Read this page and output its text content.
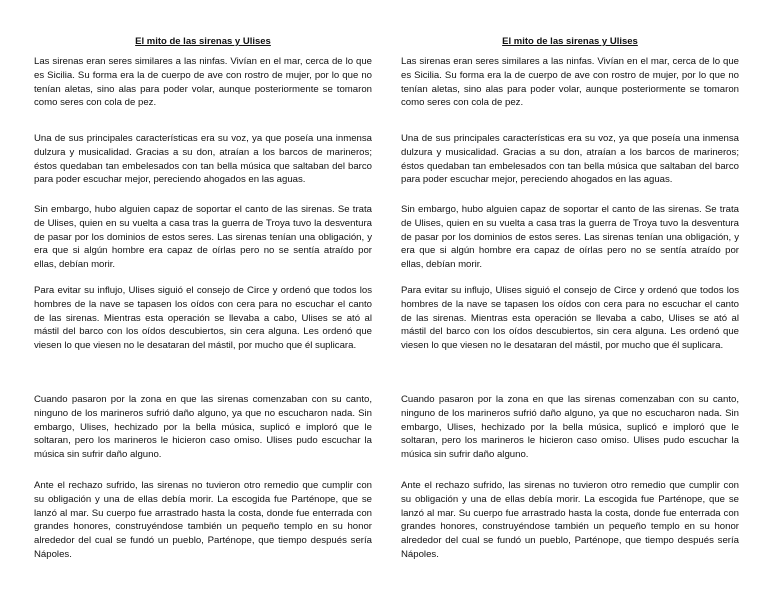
El mito de las sirenas y Ulises

Las sirenas eran seres similares a las ninfas. Vivían en el mar, cerca de lo que es Sicilia. Su forma era la de cuerpo de ave con rostro de mujer, por lo que no tenían aletas, sino alas para poder volar, aunque posteriormente se tomaron como seres con cola de pez.

Una de sus principales características era su voz, ya que poseía una inmensa dulzura y musicalidad. Gracias a su don, atraían a los barcos de marineros; éstos quedaban tan embelesados con tan bella música que saltaban del barco para poder escuchar mejor, pereciendo ahogados en las aguas.

Sin embargo, hubo alguien capaz de soportar el canto de las sirenas. Se trata de Ulises, quien en su vuelta a casa tras la guerra de Troya tuvo la desventura de pasar por los dominios de estos seres. Las sirenas tenían una obligación, y era que si algún hombre era capaz de oírlas pero no se sentía atraído por ellas, debían morir.

Para evitar su influjo, Ulises siguió el consejo de Circe y ordenó que todos los hombres de la nave se tapasen los oídos con cera para no escuchar el canto de las sirenas. Mientras esta operación se llevaba a cabo, Ulises se ató al mástil del barco con los oídos descubiertos, sin cera alguna. Les ordenó que viesen lo que viesen no le desataran del mástil, por mucho que él suplicara.

Cuando pasaron por la zona en que las sirenas comenzaban con su canto, ninguno de los marineros sufrió daño alguno, ya que no escucharon nada. Sin embargo, Ulises, hechizado por la bella música, suplicó e imploró que le soltaran, pero los marineros le hicieron caso omiso. Ulises pudo escuchar la música sin sufrir daño alguno.

Ante el rechazo sufrido, las sirenas no tuvieron otro remedio que cumplir con su obligación y una de ellas debía morir. La escogida fue Parténope, que se lanzó al mar. Su cuerpo fue arrastrado hasta la costa, donde fue enterrada con grandes honores, construyéndose también un pequeño templo en su honor alrededor del cual se fundó un pueblo, Parténope, que tiempo después sería Nápoles.

El mito de las sirenas y Ulises

Las sirenas eran seres similares a las ninfas. Vivían en el mar, cerca de lo que es Sicilia. Su forma era la de cuerpo de ave con rostro de mujer, por lo que no tenían aletas, sino alas para poder volar, aunque posteriormente se tomaron como seres con cola de pez.

Una de sus principales características era su voz, ya que poseía una inmensa dulzura y musicalidad. Gracias a su don, atraían a los barcos de marineros; éstos quedaban tan embelesados con tan bella música que saltaban del barco para poder escuchar mejor, pereciendo ahogados en las aguas.

Sin embargo, hubo alguien capaz de soportar el canto de las sirenas. Se trata de Ulises, quien en su vuelta a casa tras la guerra de Troya tuvo la desventura de pasar por los dominios de estos seres. Las sirenas tenían una obligación, y era que si algún hombre era capaz de oírlas pero no se sentía atraído por ellas, debían morir.

Para evitar su influjo, Ulises siguió el consejo de Circe y ordenó que todos los hombres de la nave se tapasen los oídos con cera para no escuchar el canto de las sirenas. Mientras esta operación se llevaba a cabo, Ulises se ató al mástil del barco con los oídos descubiertos, sin cera alguna. Les ordenó que viesen lo que viesen no le desataran del mástil, por mucho que él suplicara.

Cuando pasaron por la zona en que las sirenas comenzaban con su canto, ninguno de los marineros sufrió daño alguno, ya que no escucharon nada. Sin embargo, Ulises, hechizado por la bella música, suplicó e imploró que le soltaran, pero los marineros le hicieron caso omiso. Ulises pudo escuchar la música sin sufrir daño alguno.

Ante el rechazo sufrido, las sirenas no tuvieron otro remedio que cumplir con su obligación y una de ellas debía morir. La escogida fue Parténope, que se lanzó al mar. Su cuerpo fue arrastrado hasta la costa, donde fue enterrada con grandes honores, construyéndose también un pequeño templo en su honor alrededor del cual se fundó un pueblo, Parténope, que tiempo después sería Nápoles.
